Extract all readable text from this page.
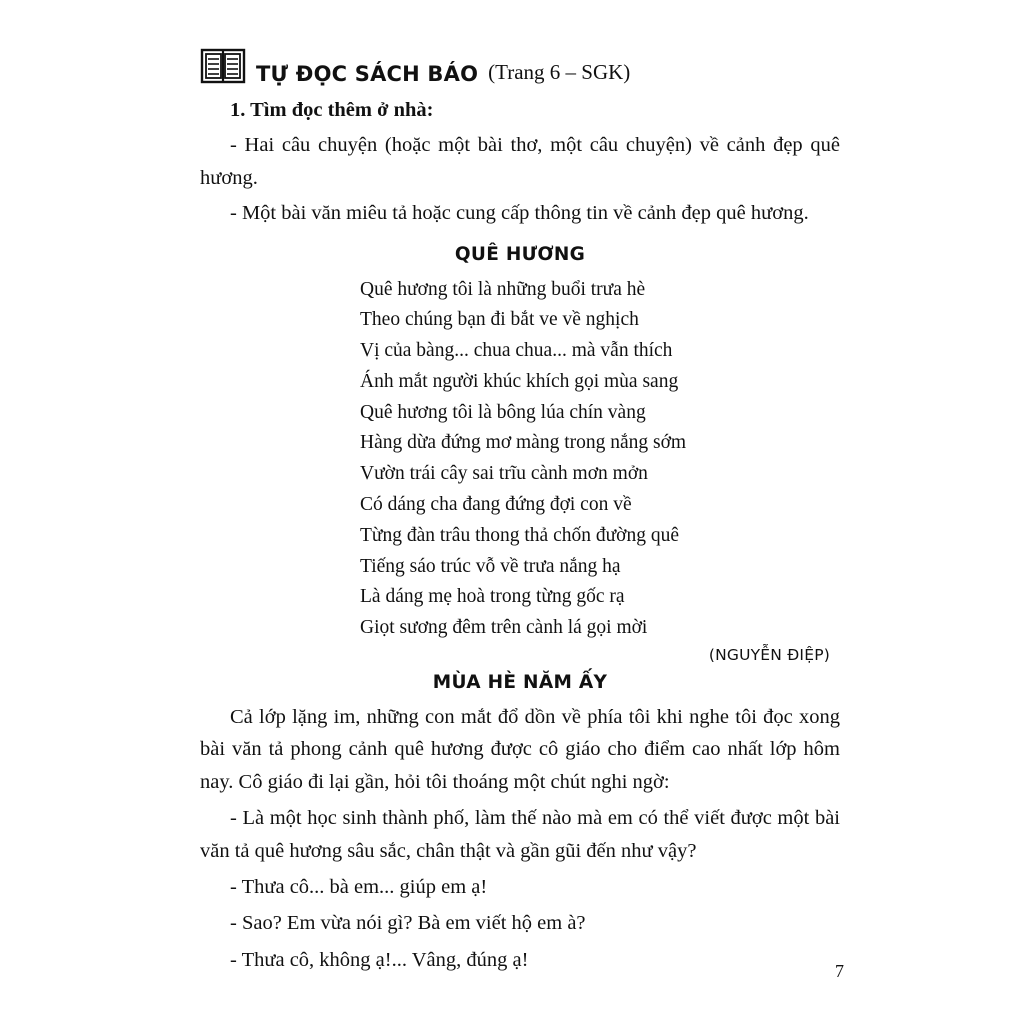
TỰ ĐỌC SÁCH BÁO (Trang 6 – SGK)

1. Tìm đọc thêm ở nhà:

- Hai câu chuyện (hoặc một bài thơ, một câu chuyện) về cảnh đẹp quê hương.

- Một bài văn miêu tả hoặc cung cấp thông tin về cảnh đẹp quê hương.

QUÊ HƯƠNG
Quê hương tôi là những buổi trưa hè
Theo chúng bạn đi bắt ve về nghịch
Vị của bàng... chua chua... mà vẫn thích
Ánh mắt người khúc khích gọi mùa sang
Quê hương tôi là bông lúa chín vàng
Hàng dừa đứng mơ màng trong nắng sớm
Vườn trái cây sai trĩu cành mơn mởn
Có dáng cha đang đứng đợi con về
Từng đàn trâu thong thả chốn đường quê
Tiếng sáo trúc vỗ về trưa nắng hạ
Là dáng mẹ hoà trong từng gốc rạ
Giọt sương đêm trên cành lá gọi mời
(NGUYỄN ĐIỆP)
MÙA HÈ NĂM ẤY

Cả lớp lặng im, những con mắt đổ dồn về phía tôi khi nghe tôi đọc xong bài văn tả phong cảnh quê hương được cô giáo cho điểm cao nhất lớp hôm nay. Cô giáo đi lại gần, hỏi tôi thoáng một chút nghi ngờ:

- Là một học sinh thành phố, làm thế nào mà em có thể viết được một bài văn tả quê hương sâu sắc, chân thật và gần gũi đến như vậy?

- Thưa cô... bà em... giúp em ạ!

- Sao? Em vừa nói gì? Bà em viết hộ em à?

- Thưa cô, không ạ!... Vâng, đúng ạ!

7
